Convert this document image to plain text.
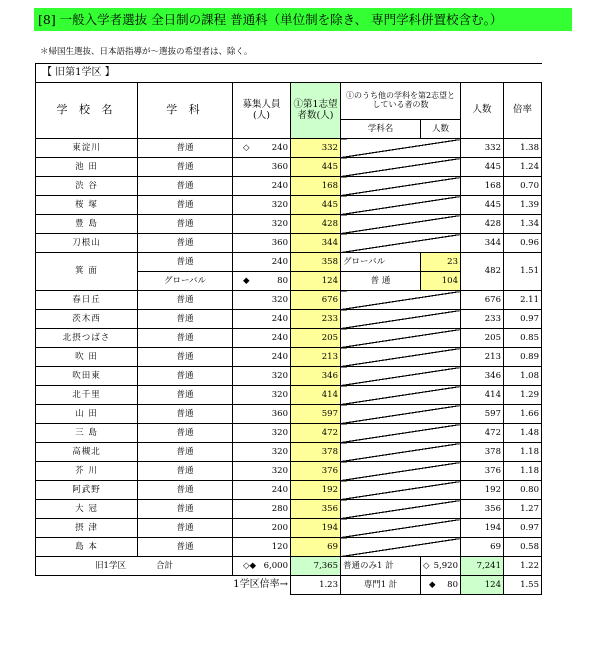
[8] 一般入学者選抜 全日制の課程 普通科（単位制を除き、 専門学科併置校含む。）
＊帰国生選抜、日本語指導が～選抜の希望者は、除く。
【 旧第1学区 】							
学 校 名	学 科	募集人員(人)	①第1志望者数(人)	①のうち他の学科を第2志望としている者の数		人数	倍率
				学科名	人数		
東淀川	普通	◇ 240	332			332	1.38
池 田	普通	360	445			445	1.24
渋 谷	普通	240	168			168	0.70
桜 塚	普通	320	445			445	1.39
豊 島	普通	320	428			428	1.34
刀根山	普通	360	344			344	0.96
箕 面	普通	240	358	グローバル	23	482	1.51
	グローバル	◆ 80	124	普 通	104		
春日丘	普通	320	676			676	2.11
茨木西	普通	240	233			233	0.97
北摂つばさ	普通	240	205			205	0.85
吹 田	普通	240	213			213	0.89
吹田東	普通	320	346			346	1.08
北千里	普通	320	414			414	1.29
山 田	普通	360	597			597	1.66
三 島	普通	320	472			472	1.48
高槻北	普通	320	378			378	1.18
芥 川	普通	320	376			376	1.18
阿武野	普通	240	192			192	0.80
大 冠	普通	280	356			356	1.27
摂 津	普通	200	194			194	0.97
島 本	普通	120	69			69	0.58
旧1学区 合計		◇◆ 6,000	7,365	普通のみ1 計	◇ 5,920	7,241	1.22
1学区倍率→			1.23	専門1 計	◆ 80	124	1.55
